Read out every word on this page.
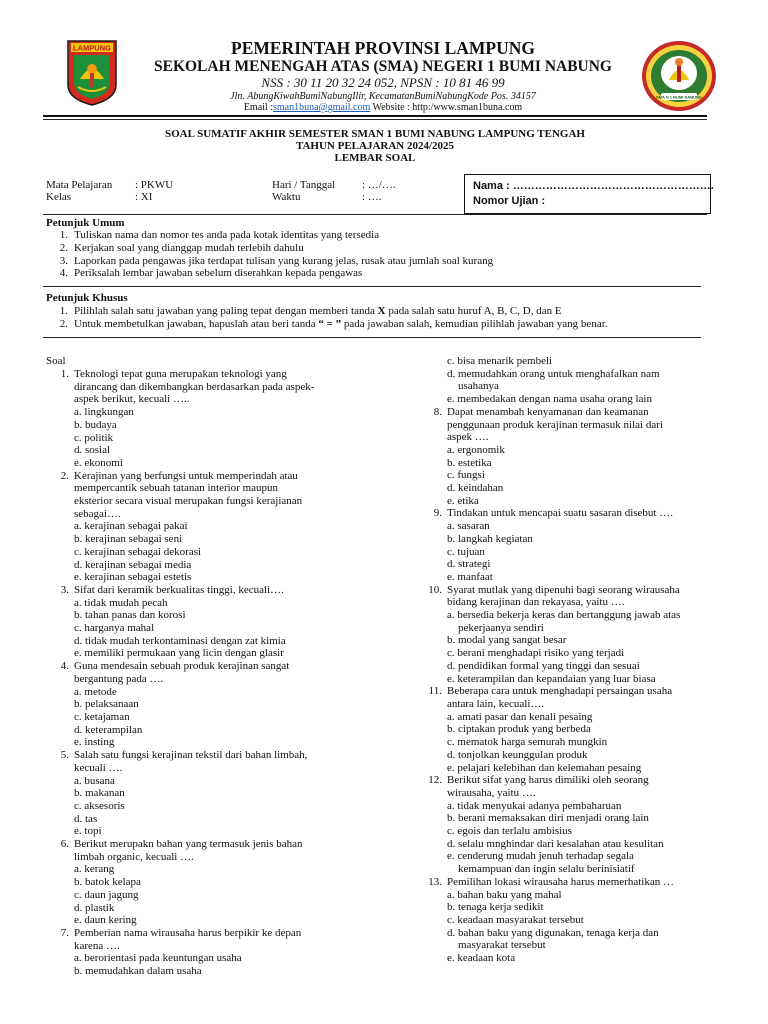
LAMPUNG
SMA N 1 BUMI NABUNG
PEMERINTAH PROVINSI LAMPUNG
SEKOLAH MENENGAH ATAS (SMA) NEGERI 1 BUMI NABUNG
NSS : 30 11 20 32 24 052, NPSN : 10 81 46 99
Jln. AbungKiwahBumiNabungIlir, KecamatanBumiNabungKode Pos. 34157
Email :sman1buna@gmail.com Website : http:/www.sman1buna.com
SOAL SUMATIF AKHIR SEMESTER SMAN 1 BUMI NABUNG LAMPUNG TENGAH
TAHUN PELAJARAN 2024/2025
LEMBAR SOAL
Mata Pelajaran : PKWU	Hari / Tanggal : …/….
Kelas	: XI	Waktu	: ….
Nama : ……………………………………………….
Nomor Ujian :
Petunjuk Umum
1. Tuliskan nama dan nomor tes anda pada kotak identitas yang tersedia
2. Kerjakan soal yang dianggap mudah terlebih dahulu
3. Laporkan pada pengawas jika terdapat tulisan yang kurang jelas, rusak atau jumlah soal kurang
4. Periksalah lembar jawaban sebelum diserahkan kepada pengawas
Petunjuk Khusus
1. Pilihlah salah satu jawaban yang paling tepat dengan memberi tanda X pada salah satu huruf A, B, C, D, dan E
2. Untuk membetulkan jawaban, hapuslah atau beri tanda “ = ” pada jawaban salah, kemudian pilihlah jawaban yang benar.
Soal
1. Teknologi tepat guna merupakan teknologi yang
dirancang dan dikembangkan berdasarkan pada aspek-
aspek berikut, kecuali …..
a. lingkungan
b. budaya
c. politik
d. sosial
e. ekonomi
2. Kerajinan yang berfungsi untuk memperindah atau
mempercantik sebuah tatanan interior maupun
eksterior secara visual merupakan fungsi kerajianan
sebagai….
a. kerajinan sebagai pakai
b. kerajinan sebagai seni
c. kerajinan sebagai dekorasi
d. kerajinan sebagai media
e. kerajinan sebagai estetis
3. Sifat dari keramik berkualitas tinggi, kecuali….
a. tidak mudah pecah
b. tahan panas dan korosi
c. harganya mahal
d. tidak mudah terkontaminasi dengan zat kimia
e. memiliki permukaan yang licin dengan glasir
4. Guna mendesain sebuah produk kerajinan sangat
bergantung pada ….
a. metode
b. pelaksanaan
c. ketajaman
d. keterampilan
e. insting
5. Salah satu fungsi kerajinan tekstil dari bahan limbah,
kecuali ….
a. busana
b. makanan
c. aksesoris
d. tas
e. topi
6. Berikut merupakn bahan yang termasuk jenis bahan
limbah organic, kecuali ….
a. kerang
b. batok kelapa
c. daun jagung
d. plastik
e. daun kering
7. Pemberian nama wirausaha harus berpikir ke depan
karena ….
a. berorientasi pada keuntungan usaha
b. memudahkan dalam usaha
c. bisa menarik pembeli
d. memudahkan orang untuk menghafalkan nam
usahanya
e. membedakan dengan nama usaha orang lain
8. Dapat menambah kenyamanan dan keamanan
penggunaan produk kerajinan termasuk nilai dari
aspek ….
a. ergonomik
b. estetika
c. fungsi
d. keindahan
e. etika
9. Tindakan untuk mencapai suatu sasaran disebut ….
a. sasaran
b. langkah kegiatan
c. tujuan
d. strategi
e. manfaat
10. Syarat mutlak yang dipenuhi bagi seorang wirausaha
bidang kerajinan dan rekayasa, yaitu ….
a. bersedia bekerja keras dan bertanggung jawab atas
pekerjaanya sendiri
b. modal yang sangat besar
c. berani menghadapi risiko yang terjadi
d. pendidikan formal yang tinggi dan sesuai
e. keterampilan dan kepandaian yang luar biasa
11. Beberapa cara untuk menghadapi persaingan usaha
antara lain, kecuali….
a. amati pasar dan kenali pesaing
b. ciptakan produk yang berbeda
c. mematok harga semurah mungkin
d. tonjolkan keunggulan produk
e. pelajari kelebihan dan kelemahan pesaing
12. Berikut sifat yang harus dimiliki oleh seorang
wirausaha, yaitu ….
a. tidak menyukai adanya pembaharuan
b. berani memaksakan diri menjadi orang lain
c. egois dan terlalu ambisius
d. selalu mnghindar dari kesalahan atau kesulitan
e. cenderung mudah jenuh terhadap segala
kemampuan dan ingin selalu berinisiatif
13. Pemilihan lokasi wirausaha harus memerhatikan …
a. bahan baku yang mahal
b. tenaga kerja sedikit
c. keadaan masyarakat tersebut
d. bahan baku yang digunakan, tenaga kerja dan
masyarakat tersebut
e. keadaan kota
